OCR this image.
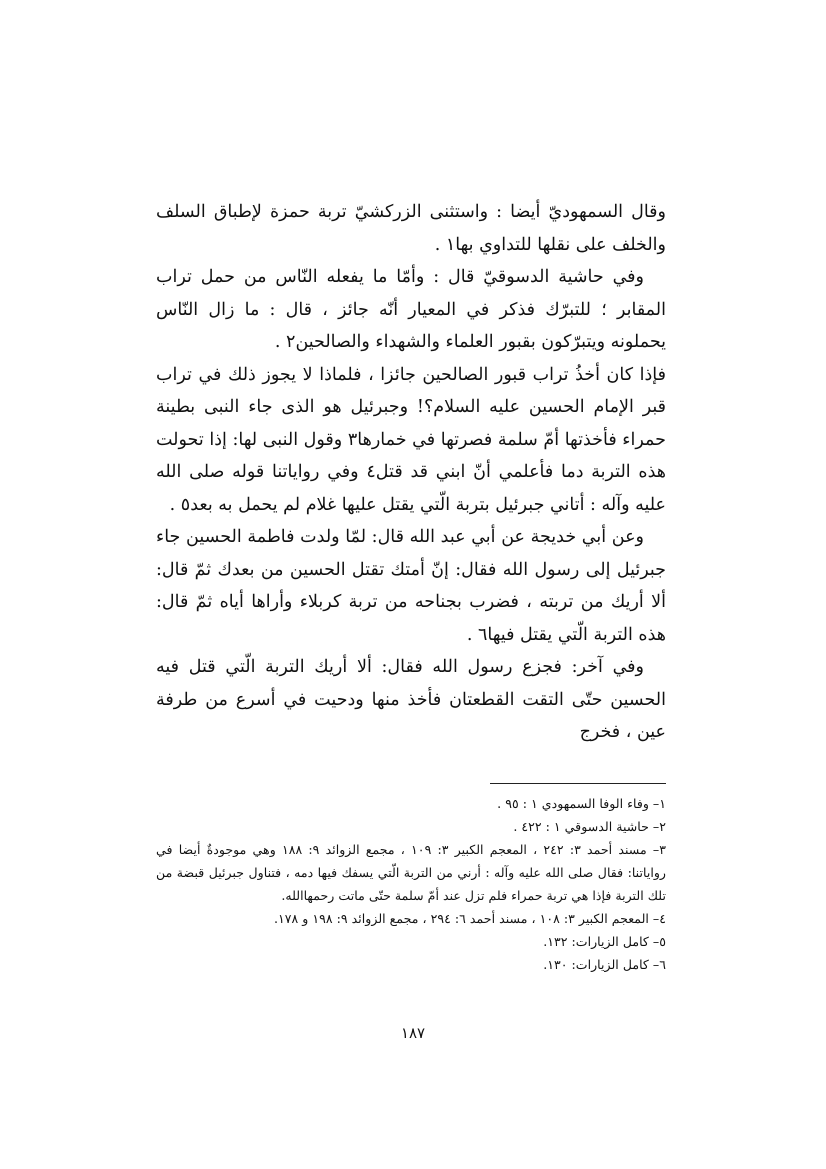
وقال السمهوديّ أيضا : واستثنى الزركشيّ تربة حمزة لإطباق السلف والخلف على نقلها للتداوي بها١ .

وفي حاشية الدسوقيّ قال : وأمّا ما يفعله النّاس من حمل تراب المقابر ؛ للتبرّك فذكر في المعيار أنّه جائز ، قال : ما زال النّاس يحملونه ويتبرّكون بقبور العلماء والشهداء والصالحين٢ .

فإذا كان أخذُ تراب قبور الصالحين جائزا ، فلماذا لا يجوز ذلك في تراب قبر الإمام الحسين عليه السلام؟! وجبرئيل هو الذى جاء النبى بطينة حمراء فأخذتها أمّ سلمة فصرتها في خمارها٣ وقول النبى لها: إذا تحولت هذه التربة دما فأعلمي أنّ ابني قد قتل٤ وفي رواياتنا قوله صلى الله عليه وآله : أتاني جبرئيل بتربة الّتي يقتل عليها غلام لم يحمل به بعد٥ .

وعن أبي خديجة عن أبي عبد الله قال: لمّا ولدت فاطمة الحسين جاء جبرئيل إلى رسول الله فقال: إنّ أمتك تقتل الحسين من بعدك ثمّ قال: ألا أريك من تربته ، فضرب بجناحه من تربة كربلاء وأراها أياه ثمّ قال: هذه التربة الّتي يقتل فيها٦ .

وفي آخر: فجزع رسول الله فقال: ألا أريك التربة الّتي قتل فيه الحسين حتّى التقت القطعتان فأخذ منها ودحيت في أسرع من طرفة عين ، فخرج

١– وفاء الوفا السمهودي ١ : ٩٥ .

٢– حاشية الدسوقي ١ : ٤٢٢ .

٣– مسند أحمد ٣: ٢٤٢ ، المعجم الكبير ٣: ١٠٩ ، مجمع الزوائد ٩: ١٨٨ وهي موجودةٌ أيضا في رواياتنا: فقال صلى الله عليه وآله : أرني من التربة الّتي يسفك فيها دمه ، فتناول جبرئيل قبضة من تلك التربة فإذا هي تربة حمراء فلم تزل عند أمّ سلمة حتّى ماتت رحمهاالله.

٤– المعجم الكبير ٣: ١٠٨ ، مسند أحمد ٦: ٢٩٤ ، مجمع الزوائد ٩: ١٩٨ و ١٧٨.

٥– كامل الزيارات: ١٣٢.

٦– كامل الزيارات: ١٣٠.

١٨٧
